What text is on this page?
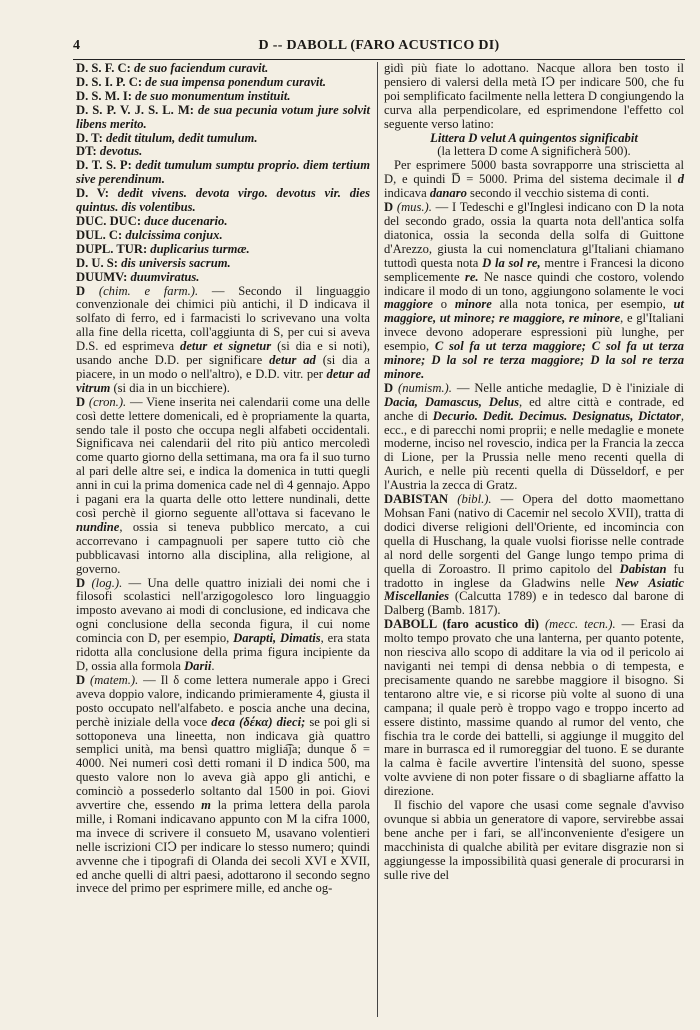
4	D -- DABOLL (FARO ACUSTICO DI)

D. S. F. C: de suo faciendum curavit.

D. S. I. P. C: de sua impensa ponendum curavit.

D. S. M. I: de suo monumentum instituit.

D. S. P. V. J. S. L. M: de sua pecunia votum jure solvit libens merito.

D. T: dedit titulum, dedit tumulum.

DT: devotus.

D. T. S. P: dedit tumulum sumptu proprio. diem tertium sive perendinum.

D. V: dedit vivens. devota virgo. devotus vir. dies quintus. dis volentibus.

DUC. DUC: duce ducenario.

DUL. C: dulcissima conjux.

DUPL. TUR: duplicarius turmæ.

D. U. S: dis universis sacrum.

DUUMV: duumviratus.

D (chim. e farm.). — Secondo il linguaggio convenzionale dei chimici più antichi, il D indicava il solfato di ferro, ed i farmacisti lo scrivevano una volta alla fine della ricetta, coll'aggiunta di S, per cui si aveva D.S. ed esprimeva detur et signetur (si dia e si noti), usando anche D.D. per significare detur ad (si dia a piacere, in un modo o nell'altro), e D.D. vitr. per detur ad vitrum (si dia in un bicchiere).

D (cron.). — Viene inserita nei calendarii come una delle così dette lettere domenicali, ed è propriamente la quarta, sendo tale il posto che occupa negli alfabeti occidentali. Significava nei calendarii del rito più antico mercoledì come quarto giorno della settimana, ma ora fa il suo turno al pari delle altre sei, e indica la domenica in tutti quegli anni in cui la prima domenica cade nel dì 4 gennajo. Appo i pagani era la quarta delle otto lettere nundinali, dette così perchè il giorno seguente all'ottava si facevano le nundine, ossia si teneva pubblico mercato, a cui accorrevano i campagnuoli per sapere tutto ciò che pubblicavasi intorno alla disciplina, alla religione, al governo.

D (log.). — Una delle quattro iniziali dei nomi che i filosofi scolastici nell'arzigogolesco loro linguaggio imposto avevano ai modi di conclusione, ed indicava che ogni conclusione della seconda figura, il cui nome comincia con D, per esempio, Darapti, Dimatis, era stata ridotta alla conclusione della prima figura incipiente da D, ossia alla formola Darii.

D (matem.). — Il δ come lettera numerale appo i Greci aveva doppio valore, indicando primieramente 4, giusta il posto occupato nell'alfabeto. e poscia anche una decina, perchè iniziale della voce deca (δέκα) dieci; se poi gli si sottoponeva una lineetta, non indicava già quattro semplici unità, ma bensì quattro miglia͡ja; dunque δ = 4000. Nei numeri così detti romani il D indica 500, ma questo valore non lo aveva già appo gli antichi, e cominciò a possederlo soltanto dal 1500 in poi. Giovi avvertire che, essendo m la prima lettera della parola mille, i Romani indicavano appunto con M la cifra 1000, ma invece di scrivere il consueto M, usavano volentieri nelle iscrizioni CIↃ per indicare lo stesso numero; quindi avvenne che i tipografi di Olanda dei secoli XVI e XVII, ed anche quelli di altri paesi, adottarono il secondo segno invece del primo per esprimere mille, ed anche og-

gidì più fiate lo adottano. Nacque allora ben tosto il pensiero di valersi della metà IↃ per indicare 500, che fu poi semplificato facilmente nella lettera D congiungendo la curva alla perpendicolare, ed esprimendone l'effetto col seguente verso latino:

Littera D velut A quingentos significabit

(la lettera D come A significherà 500).

Per esprimere 5000 basta sovrapporre una striscietta al D, e quindi D̅ = 5000. Prima del sistema decimale il d indicava danaro secondo il vecchio sistema di conti.

D (mus.). — I Tedeschi e gl'Inglesi indicano con D la nota del secondo grado, ossia la quarta nota dell'antica solfa diatonica, ossia la seconda della solfa di Guittone d'Arezzo, giusta la cui nomenclatura gl'Italiani chiamano tuttodì questa nota D la sol re, mentre i Francesi la dicono semplicemente re. Ne nasce quindi che costoro, volendo indicare il modo di un tono, aggiungono solamente le voci maggiore o minore alla nota tonica, per esempio, ut maggiore, ut minore; re maggiore, re minore, e gl'Italiani invece devono adoperare espressioni più lunghe, per esempio, C sol fa ut terza maggiore; C sol fa ut terza minore; D la sol re terza maggiore; D la sol re terza minore.

D (numism.). — Nelle antiche medaglie, D è l'iniziale di Dacia, Damascus, Delus, ed altre città e contrade, ed anche di Decurio. Dedit. Decimus. Designatus, Dictator, ecc., e di parecchi nomi proprii; e nelle medaglie e monete moderne, inciso nel rovescio, indica per la Francia la zecca di Lione, per la Prussia nelle meno recenti quella di Aurich, e nelle più recenti quella di Düsseldorf, e per l'Austria la zecca di Gratz.

DABISTAN (bibl.). — Opera del dotto maomettano Mohsan Fani (nativo di Cacemir nel secolo XVII), tratta di dodici diverse religioni dell'Oriente, ed incomincia con quella di Huschang, la quale vuolsi fiorisse nelle contrade al nord delle sorgenti del Gange lungo tempo prima di quella di Zoroastro. Il primo capitolo del Dabistan fu tradotto in inglese da Gladwins nelle New Asiatic Miscellanies (Calcutta 1789) e in tedesco dal barone di Dalberg (Bamb. 1817).

DABOLL (faro acustico di) (mecc. tecn.). — Erasi da molto tempo provato che una lanterna, per quanto potente, non riesciva allo scopo di additare la via od il pericolo ai naviganti nei tempi di densa nebbia o di tempesta, e precisamente quando ne sarebbe maggiore il bisogno. Si tentarono altre vie, e si ricorse più volte al suono di una campana; il quale però è troppo vago e troppo incerto ad essere distinto, massime quando al rumor del vento, che fischia tra le corde dei battelli, si aggiunge il muggito del mare in burrasca ed il rumoreggiar del tuono. E se durante la calma è facile avvertire l'intensità del suono, spesse volte avviene di non poter fissare o di sbagliarne affatto la direzione.

Il fischio del vapore che usasi come segnale d'avviso ovunque si abbia un generatore di vapore, servirebbe assai bene anche per i fari, se all'inconveniente d'esigere un macchinista di qualche abilità per evitare disgrazie non si aggiungesse la impossibilità quasi generale di procurarsi in sulle rive del
